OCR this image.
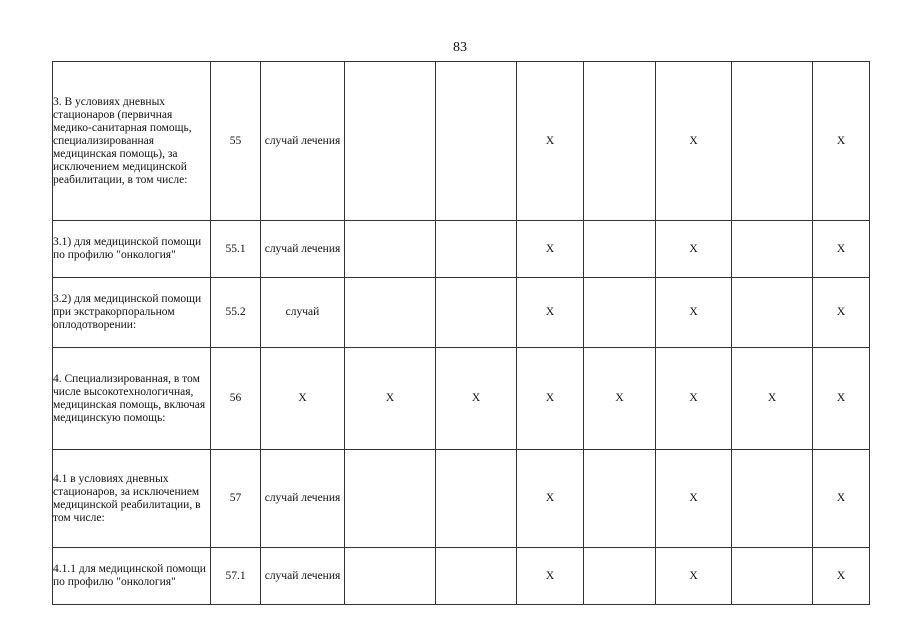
83
3. В условиях дневных стационаров (первичная медико-санитарная помощь, специализированная медицинская помощь), за исключением медицинской реабилитации, в том числе:	55	случай лечения			X		X		X
3.1) для медицинской помощи по профилю "онкология"	55.1	случай лечения			X		X		X
3.2) для медицинской помощи при экстракорпоральном оплодотворении:	55.2	случай			X		X		X
4. Специализированная, в том числе высокотехнологичная, медицинская помощь, включая медицинскую помощь:	56	X	X	X	X	X	X	X	X
4.1 в условиях дневных стационаров, за исключением медицинской реабилитации, в том числе:	57	случай лечения			X		X		X
4.1.1 для медицинской помощи по профилю "онкология"	57.1	случай лечения			X		X		X
